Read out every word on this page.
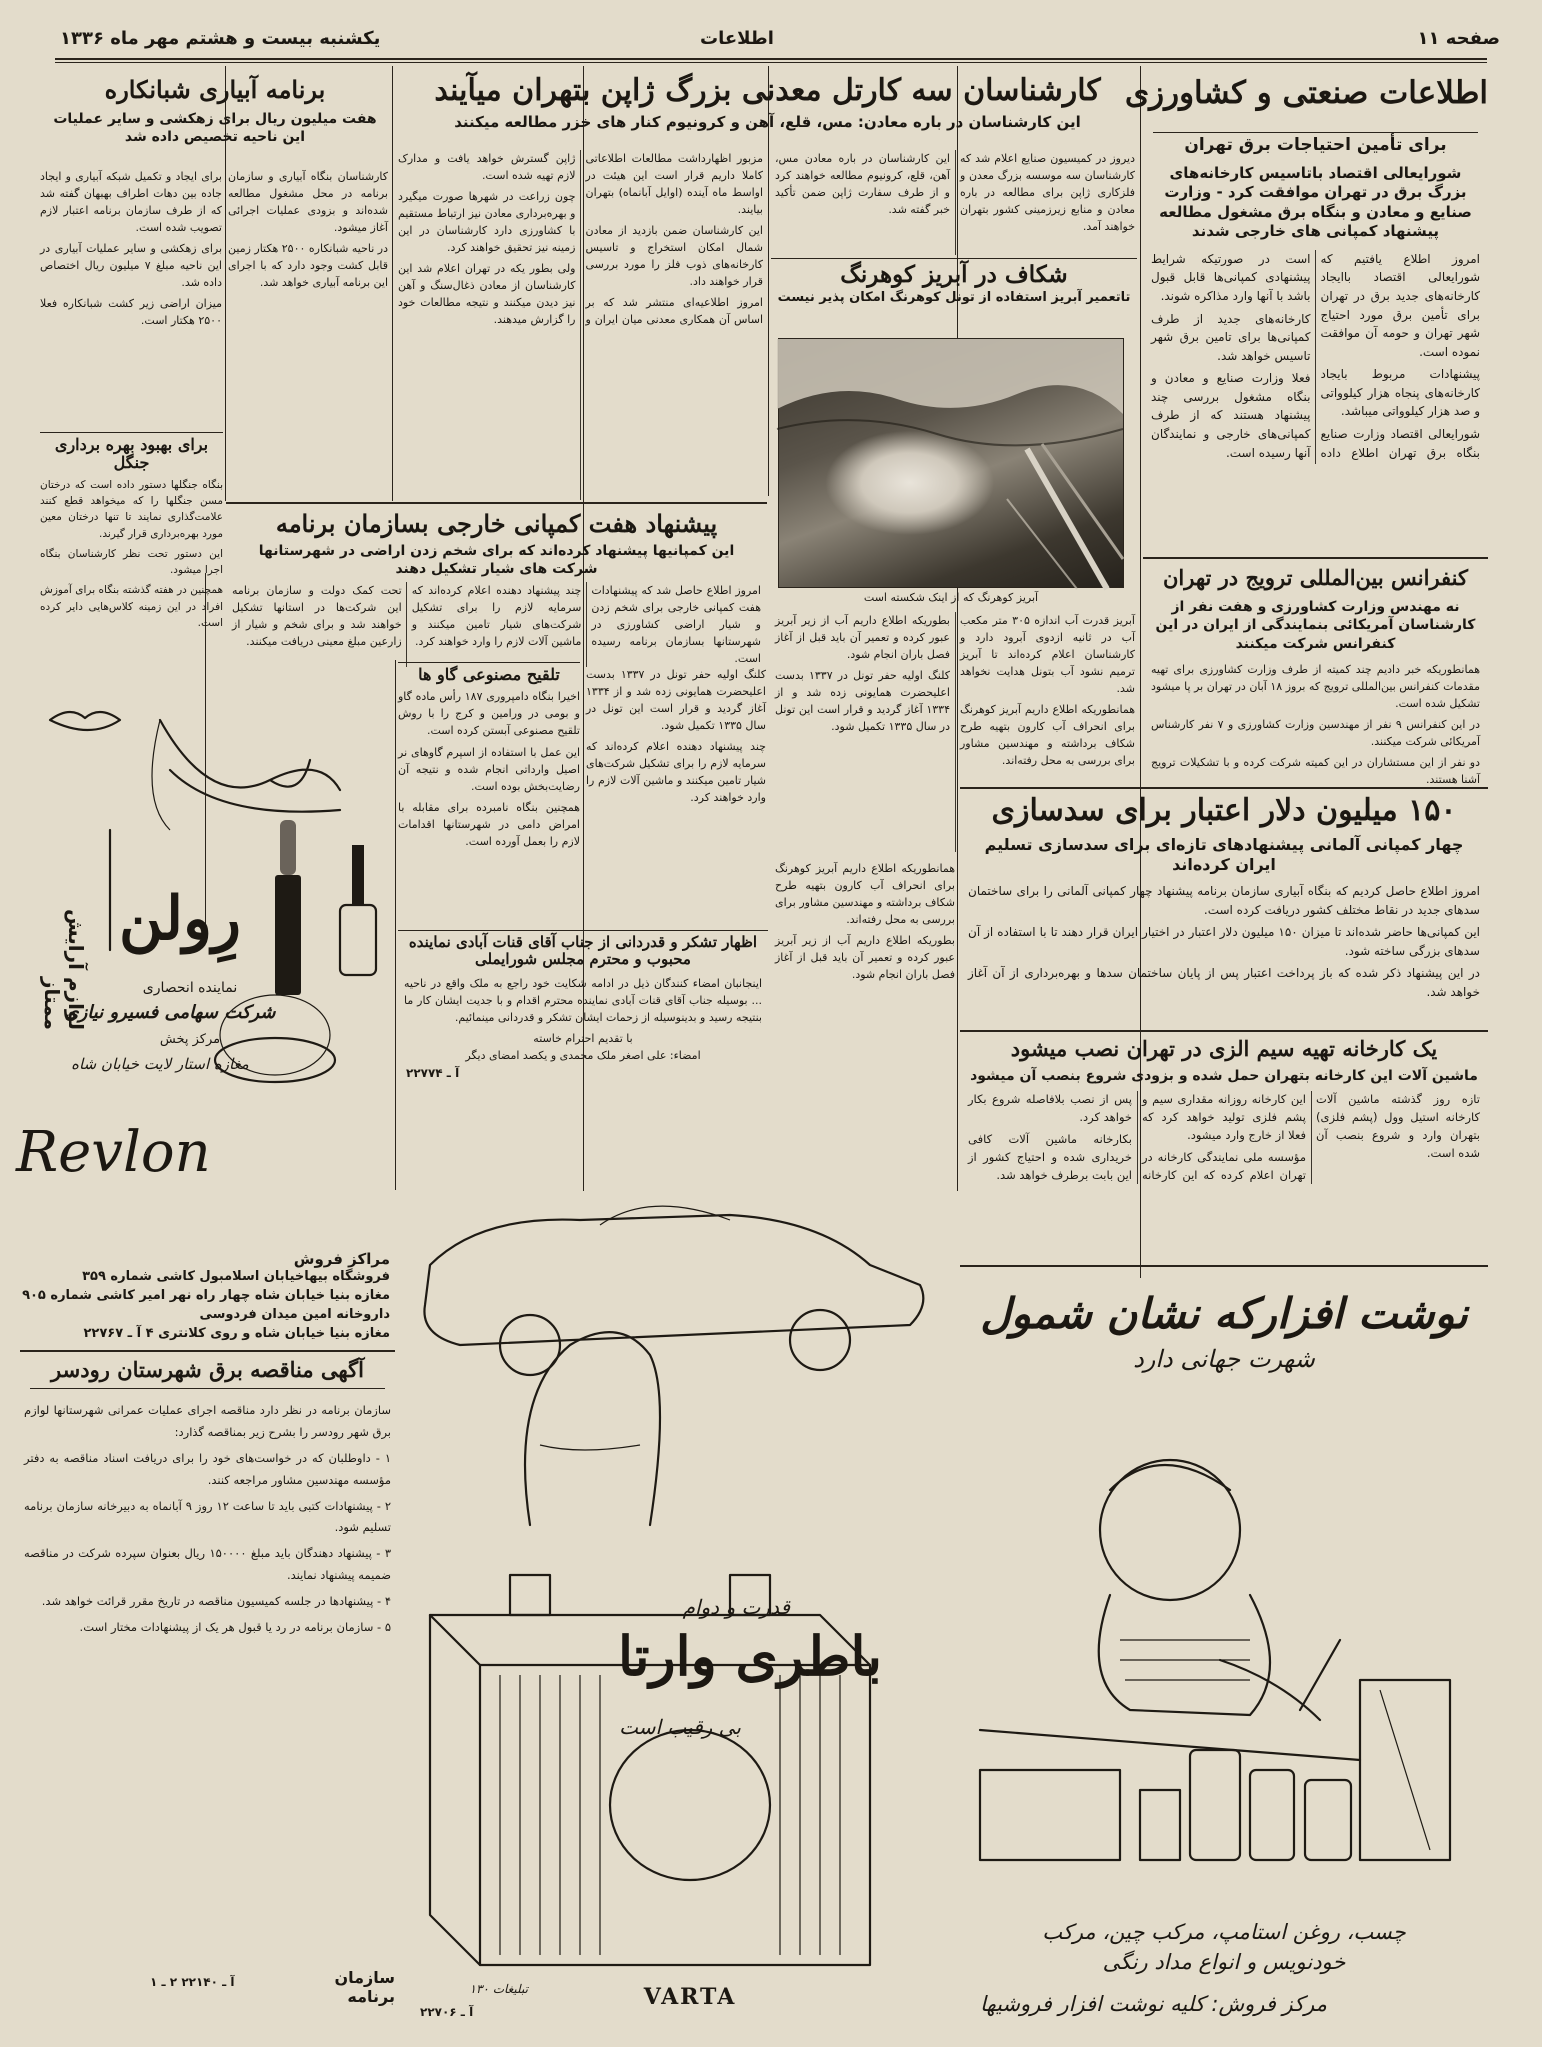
صفحه ۱۱
اطلاعات
یکشنبه بیست و هشتم مهر ماه ۱۳۳۶
اطلاعات صنعتی و کشاورزی
برای تأمین احتیاجات برق تهران
شورایعالی اقتصاد باتاسیس کارخانه‌های بزرگ برق در تهران موافقت کرد - وزارت صنایع و معادن و بنگاه برق مشغول مطالعه پیشنهاد کمپانی های خارجی شدند

امروز اطلاع یافتیم که شورایعالی اقتصاد باایجاد کارخانه‌های جدید برق در تهران برای تأمین برق مورد احتیاج شهر تهران و حومه آن موافقت نموده است.

پیشنهادات مربوط بایجاد کارخانه‌های پنجاه هزار کیلوواتی و صد هزار کیلوواتی میباشد.

شورایعالی اقتصاد وزارت صنایع بنگاه برق تهران اطلاع داده است در صورتیکه شرایط پیشنهادی کمپانی‌ها قابل قبول باشد با آنها وارد مذاکره شوند.

کارخانه‌های جدید از طرف کمپانی‌ها برای تامین برق شهر تاسیس خواهد شد.

فعلا وزارت صنایع و معادن و بنگاه مشغول بررسی چند پیشنهاد هستند که از طرف کمپانی‌های خارجی و نمایندگان آنها رسیده است.

کنفرانس بین‌المللی ترویج در تهران
نه مهندس وزارت کشاورزی و هفت نفر از کارشناسان آمریکائی بنمایندگی از ایران در این کنفرانس شرکت میکنند

همانطوریکه خبر دادیم چند کمیته از طرف وزارت کشاورزی برای تهیه مقدمات کنفرانس بین‌المللی ترویج که بروز ۱۸ آبان در تهران بر پا میشود تشکیل شده است.

در این کنفرانس ۹ نفر از مهندسین وزارت کشاورزی و ۷ نفر کارشناس آمریکائی شرکت میکنند.

دو نفر از این مستشاران در این کمیته شرکت کرده و با تشکیلات ترویج آشنا هستند.

۱۵۰ میلیون دلار اعتبار برای سدسازی
چهار کمپانی آلمانی پیشنهادهای تازه‌ای برای سدسازی تسلیم ایران کرده‌اند

امروز اطلاع حاصل کردیم که بنگاه آبیاری سازمان برنامه پیشنهاد چهار کمپانی آلمانی را برای ساختمان سدهای جدید در نقاط مختلف کشور دریافت کرده است.

این کمپانی‌ها حاضر شده‌اند تا میزان ۱۵۰ میلیون دلار اعتبار در اختیار ایران قرار دهند تا با استفاده از آن سدهای بزرگی ساخته شود.

در این پیشنهاد ذکر شده که باز پرداخت اعتبار پس از پایان ساختمان سدها و بهره‌برداری از آن آغاز خواهد شد.

یک کارخانه تهیه سیم‌ الزی در تهران نصب میشود
ماشین آلات این کارخانه بتهران حمل شده و بزودی شروع بنصب آن میشود

تازه روز گذشته ماشین آلات کارخانه استیل وول (پشم فلزی) بتهران وارد و شروع بنصب آن شده است.

این کارخانه روزانه مقداری سیم و پشم فلزی تولید خواهد کرد که فعلا از خارج وارد میشود.

مؤسسه ملی نمایندگی کارخانه در تهران اعلام کرده که این کارخانه پس از نصب بلافاصله شروع بکار خواهد کرد.

بکارخانه ماشین آلات کافی خریداری شده و احتیاج کشور از این بابت برطرف خواهد شد.

کارشناسان سه کارتل معدنی بزرگ ژاپن بتهران میآیند
این کارشناسان در باره معادن: مس، قلع، آهن و کرونیوم کنار های خزر مطالعه میکنند

دیروز در کمیسیون صنایع اعلام شد که کارشناسان سه موسسه بزرگ معدن و فلزکاری ژاپن برای مطالعه در باره معادن و منابع زیرزمینی کشور بتهران خواهند آمد.

این کارشناسان در باره معادن مس، آهن، قلع، کرونیوم مطالعه خواهند کرد و از طرف سفارت ژاپن ضمن تأکید خبر گفته شد.

مزبور اظهارداشت مطالعات اطلاعاتی کاملا داریم قرار است این هیئت در اواسط ماه آینده (اوایل آبانماه) بتهران بیایند.

این کارشناسان ضمن بازدید از معادن شمال امکان استخراج و تاسیس کارخانه‌های ذوب فلز را مورد بررسی قرار خواهند داد.

امروز اطلاعیه‌ای منتشر شد که بر اساس آن همکاری معدنی میان ایران و ژاپن گسترش خواهد یافت و مدارک لازم تهیه شده است.

چون زراعت در شهرها صورت میگیرد و بهره‌برداری معادن نیز ارتباط مستقیم با کشاورزی دارد کارشناسان در این زمینه نیز تحقیق خواهند کرد.

ولی بطور یکه در تهران اعلام شد این کارشناسان از معادن ذغال‌سنگ و آهن نیز دیدن میکنند و نتیجه مطالعات خود را گزارش میدهند.

شکاف در آبریز کوهرنگ
تاتعمیر آبریز استفاده از تونل کوهرنگ امکان پذیر نیست
آبریز کوهرنگ که از اینک شکسته است

آبریز قدرت آب اندازه ۳۰۵ متر مکعب آب در ثانیه ازدوی آبرود دارد و کارشناسان اعلام کرده‌اند تا آبریز ترمیم نشود آب بتونل هدایت نخواهد شد.

همانطوریکه اطلاع داریم آبریز کوهرنگ برای انحراف آب کارون بتهیه طرح شکاف برداشته و مهندسین مشاور برای بررسی به محل رفته‌اند.

بطوریکه اطلاع داریم آب از زیر آبریز عبور کرده و تعمیر آن باید قبل از آغاز فصل باران انجام شود.

کلنگ اولیه حفر تونل در ۱۳۳۷ بدست اعلیحضرت همایونی زده شد و از ۱۳۳۴ آغاز گردید و قرار است این تونل در سال ۱۳۳۵ تکمیل شود.

برنامه آبیاری شبانکاره
هفت میلیون ریال برای زهکشی و سایر عملیات این ناحیه تخصیص داده شد

برای ایجاد و تکمیل شبکه آبیاری و ایجاد جاده بین دهات اطراف بهبهان گفته شد که از طرف سازمان برنامه اعتبار لازم تصویب شده است.

برای زهکشی و سایر عملیات آبیاری در این ناحیه مبلغ ۷ میلیون ریال اختصاص داده شد.

میزان اراضی زیر کشت شبانکاره فعلا ۲۵۰۰ هکتار است.

کارشناسان بنگاه آبیاری و سازمان برنامه در محل مشغول مطالعه شده‌اند و بزودی عملیات اجرائی آغاز میشود.

در ناحیه شبانکاره ۲۵۰۰ هکتار زمین قابل کشت وجود دارد که با اجرای این برنامه آبیاری خواهد شد.

برای بهبود بهره برداری جنگل

بنگاه جنگلها دستور داده است که درختان مسن جنگلها را که میخواهد قطع کنند علامت‌گذاری نمایند تا تنها درختان معین مورد بهره‌برداری قرار گیرند.

این دستور تحت نظر کارشناسان بنگاه اجرا میشود.

همچنین در هفته گذشته بنگاه برای آموزش افراد در این زمینه کلاس‌هایی دایر کرده است.

پیشنهاد هفت کمپانی خارجی بسازمان برنامه
این کمپانیها پیشنهاد کرده‌اند که برای شخم زدن اراضی در شهرستانها
شرکت های شیار تشکیل دهند

امروز اطلاع حاصل شد که پیشنهادات هفت کمپانی خارجی برای شخم زدن و شیار اراضی کشاورزی در شهرستانها بسازمان برنامه رسیده است.

چند پیشنهاد دهنده اعلام کرده‌اند که سرمایه لازم را برای تشکیل شرکت‌های شیار تامین میکنند و ماشین آلات لازم را وارد خواهند کرد.

تحت کمک دولت و سازمان برنامه این شرکت‌ها در استانها تشکیل خواهند شد و برای شخم و شیار از زارعین مبلغ معینی دریافت میکنند.

تلقیح مصنوعی گاو ها

اخیرا بنگاه دامپروری ۱۸۷ رأس ماده گاو و بومی در ورامین و کرج را با روش تلقیح مصنوعی آبستن کرده است.

این عمل با استفاده از اسپرم گاوهای نر اصیل وارداتی انجام شده و نتیجه آن رضایت‌بخش بوده است.

همچنین بنگاه نامبرده برای مقابله با امراض دامی در شهرستانها اقدامات لازم را بعمل آورده است.

کلنگ اولیه حفر تونل در ۱۳۳۷ بدست اعلیحضرت همایونی زده شد و از ۱۳۳۴ آغاز گردید و قرار است این تونل در سال ۱۳۳۵ تکمیل شود.

چند پیشنهاد دهنده اعلام کرده‌اند که سرمایه لازم را برای تشکیل شرکت‌های شیار تامین میکنند و ماشین آلات لازم را وارد خواهند کرد.

اظهار تشکر و قدردانی از جناب آقای قنات آبادی نماینده محبوب و محترم مجلس شورایملی
اینجانبان امضاء کنندگان ذیل در ادامه شکایت خود راجع به ملک واقع در ناحیه ... بوسیله جناب آقای قنات آبادی نماینده محترم اقدام و با جدیت ایشان کار ما بنتیجه رسید و بدینوسیله از زحمات ایشان تشکر و قدردانی مینمائیم.
با تقدیم احترام خاسته
امضاء: علی اصغر ملک محمدی و یکصد امضای دیگر
آ ـ ۲۲۷۷۴

همانطوریکه اطلاع داریم آبریز کوهرنگ برای انحراف آب کارون بتهیه طرح شکاف برداشته و مهندسین مشاور برای بررسی به محل رفته‌اند.

بطوریکه اطلاع داریم آب از زیر آبریز عبور کرده و تعمیر آن باید قبل از آغاز فصل باران انجام شود.

لوازم آرایش ممتاز
رِولن
نماینده انحصاری
شرکت سهامی فسیرو نیازی
مرکز پخش
مغازه استار لایت خیابان شاه
Revlon
مراکز فروش
فروشگاه بیهاخیابان اسلامبول کاشی شماره ۳۵۹
مغازه بنیا خیابان شاه چهار راه نهر امیر کاشی شماره ۹۰۵
داروخانه امین میدان فردوسی
مغازه بنیا خیابان شاه و روی کلانتری ۴ آ ـ ۲۲۷۶۷
آگهی مناقصه برق شهرستان رودسر

سازمان برنامه در نظر دارد مناقصه اجرای عملیات عمرانی شهرستانها لوازم برق شهر رودسر را بشرح زیر بمناقصه گذارد:

۱ - داوطلبان که در خواست‌های خود را برای دریافت اسناد مناقصه به دفتر مؤسسه مهندسین مشاور مراجعه کنند.

۲ - پیشنهادات کتبی باید تا ساعت ۱۲ روز ۹ آبانماه به دبیرخانه سازمان برنامه تسلیم شود.

۳ - پیشنهاد دهندگان باید مبلغ ۱۵۰۰۰۰ ریال بعنوان سپرده شرکت در مناقصه ضمیمه پیشنهاد نمایند.

۴ - پیشنهادها در جلسه کمیسیون مناقصه در تاریخ مقرر قرائت خواهد شد.

۵ - سازمان برنامه در رد یا قبول هر یک از پیشنهادات مختار است.

آ ـ ۲۲۱۴۰ ۲ ـ ۱	سازمان برنامه
قدرت و دوام
باطری وارتا
بی رقیب است
VARTA
تبلیغات ۱۳۰
آ ـ ۲۲۷۰۶
نوشت افزارکه نشان شمول
شهرت جهانی دارد
چسب، روغن استامپ، مرکب چین، مرکب
خودنویس و انواع مداد رنگی
مرکز فروش: کلیه نوشت افزار فروشیها
